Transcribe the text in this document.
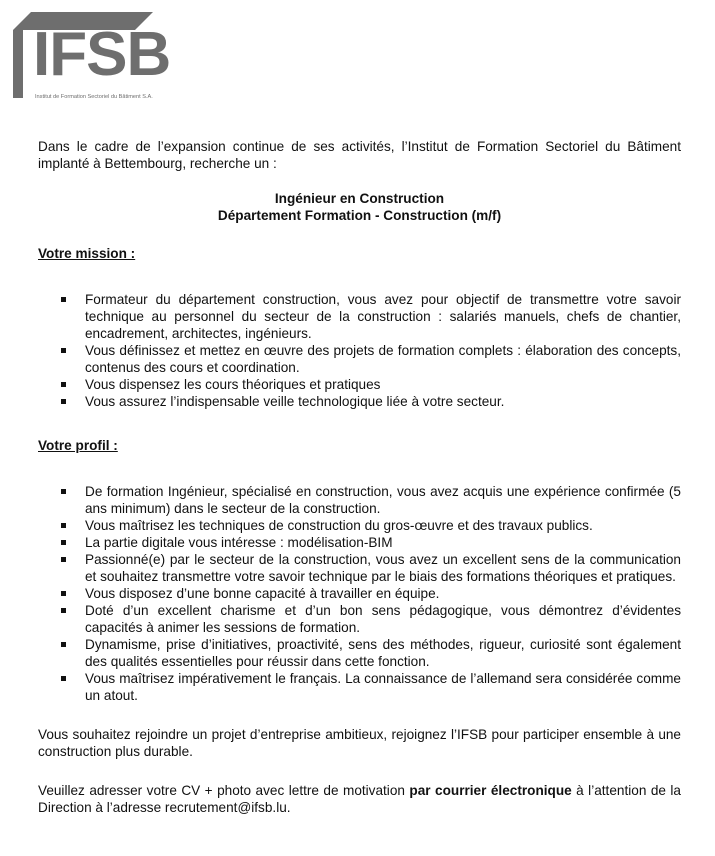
IFSB
Institut de Formation Sectoriel du Bâtiment S.A.

Dans le cadre de l’expansion continue de ses activités, l’Institut de Formation Sectoriel du Bâtiment implanté à Bettembourg, recherche un :

Ingénieur en Construction
Département Formation - Construction (m/f)
Votre mission :
Formateur du département construction, vous avez pour objectif de transmettre votre savoir technique au personnel du secteur de la construction : salariés manuels, chefs de chantier, encadrement, architectes, ingénieurs.
Vous définissez et mettez en œuvre des projets de formation complets : élaboration des concepts, contenus des cours et coordination.
Vous dispensez les cours théoriques et pratiques
Vous assurez l’indispensable veille technologique liée à votre secteur.
Votre profil :
De formation Ingénieur, spécialisé en construction, vous avez acquis une expérience confirmée (5 ans minimum) dans le secteur de la construction.
Vous maîtrisez les techniques de construction du gros-œuvre et des travaux publics.
La partie digitale vous intéresse : modélisation-BIM
Passionné(e) par le secteur de la construction, vous avez un excellent sens de la communication et souhaitez transmettre votre savoir technique par le biais des formations théoriques et pratiques.
Vous disposez d’une bonne capacité à travailler en équipe.
Doté d’un excellent charisme et d’un bon sens pédagogique, vous démontrez d’évidentes capacités à animer les sessions de formation.
Dynamisme, prise d’initiatives, proactivité, sens des méthodes, rigueur, curiosité sont également des qualités essentielles pour réussir dans cette fonction.
Vous maîtrisez impérativement le français. La connaissance de l’allemand sera considérée comme un atout.

Vous souhaitez rejoindre un projet d’entreprise ambitieux, rejoignez l’IFSB pour participer ensemble à une construction plus durable.

Veuillez adresser votre CV + photo avec lettre de motivation par courrier électronique à l’attention de la Direction à l’adresse recrutement@ifsb.lu.
